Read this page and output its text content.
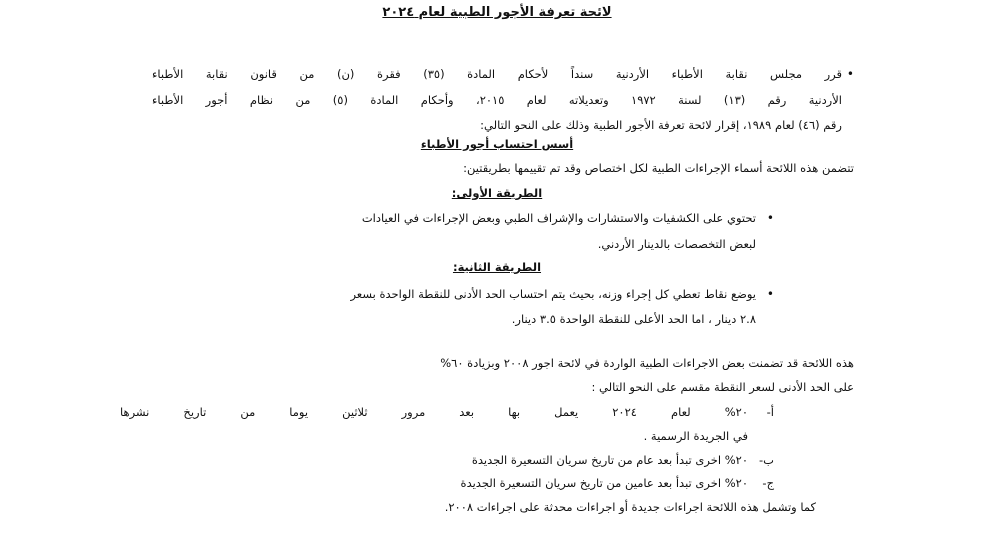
لائحة تعرفة الأجور الطبية لعام ٢٠٢٤
•

قرر مجلس نقابة الأطباء الأردنية سنداً لأحكام المادة (٣٥) فقرة (ن) من قانون نقابة الأطباء

الأردنية رقم (١٣) لسنة ١٩٧٢ وتعديلاته لعام ٢٠١٥، وأحكام المادة (٥) من نظام أجور الأطباء

رقم (٤٦) لعام ١٩٨٩، إقرار لائحة تعرفة الأجور الطبية وذلك على النحو التالي:

أسس احتساب أجور الأطباء

تتضمن هذه اللائحة أسماء الإجراءات الطبية لكل اختصاص وقد تم تقييمها بطريقتين:

الطريقة الأولى:

•

تحتوي على الكشفيات والاستشارات والإشراف الطبي وبعض الإجراءات في العيادات

لبعض التخصصات بالدينار الأردني.

الطريقة الثانية:

•

يوضع نقاط تعطي كل إجراء وزنه، بحيث يتم احتساب الحد الأدنى للنقطة الواحدة بسعر

٢.٨ دينار ، اما الحد الأعلى للنقطة الواحدة ٣.٥ دينار.

هذه اللائحة قد تضمنت بعض الاجراءات الطبية الواردة في لائحة اجور ٢٠٠٨ وبزيادة ٦٠%

على الحد الأدنى لسعر النقطة مقسم على النحو التالي :

أ-

٢٠% لعام ٢٠٢٤ يعمل بها بعد مرور ثلاثين يوما من تاريخ نشرها

في الجريدة الرسمية .

ب-

٢٠% اخرى تبدأ بعد عام من تاريخ سريان التسعيرة الجديدة

ج-

٢٠% اخرى تبدأ بعد عامين من تاريخ سريان التسعيرة الجديدة

كما وتشمل هذه اللائحة اجراءات جديدة أو اجراءات محدثة على اجراءات ٢٠٠٨.
